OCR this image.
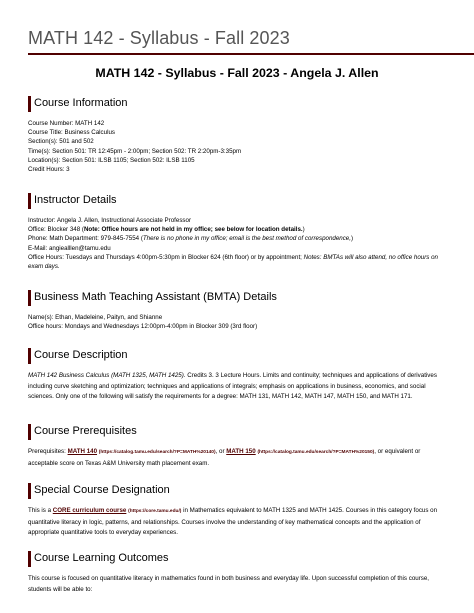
MATH 142 - Syllabus - Fall 2023
MATH 142 - Syllabus - Fall 2023 - Angela J. Allen
Course Information

Course Number: MATH 142

Course Title: Business Calculus

Section(s): 501 and 502

Time(s): Section 501: TR 12:45pm - 2:00pm; Section 502: TR 2:20pm-3:35pm

Location(s): Section 501: ILSB 1105; Section 502: ILSB 1105

Credit Hours: 3

Instructor Details

Instructor: Angela J. Allen, Instructional Associate Professor

Office: Blocker 348 (Note: Office hours are not held in my office; see below for location details.)

Phone: Math Department: 979-845-7554 (There is no phone in my office; email is the best method of correspondence,)

E-Mail: angiealllen@tamu.edu

Office Hours: Tuesdays and Thursdays 4:00pm-5:30pm in Blocker 624 (6th floor) or by appointment; Notes: BMTAs will also attend, no office hours on exam days.

Business Math Teaching Assistant (BMTA) Details

Name(s): Ethan, Madeleine, Paityn, and Shianne

Office hours: Mondays and Wednesdays 12:00pm-4:00pm in Blocker 309 (3rd floor)

Course Description

MATH 142 Business Calculus (MATH 1325, MATH 1425). Credits 3. 3 Lecture Hours. Limits and continuity; techniques and applications of derivatives including curve sketching and optimization; techniques and applications of integrals; emphasis on applications in business, economics, and social sciences. Only one of the following will satisfy the requirements for a degree: MATH 131, MATH 142, MATH 147, MATH 150, and MATH 171.

Course Prerequisites

Prerequisites: MATH 140 (https://catalog.tamu.edu/search/?P=MATH%20140), or MATH 150 (https://catalog.tamu.edu/search/?P=MATH%20150), or equivalent or acceptable score on Texas A&M University math placement exam.

Special Course Designation

This is a CORE curriculum course (https://core.tamu.edu/) in Mathematics equivalent to MATH 1325 and MATH 1425. Courses in this category focus on quantitative literacy in logic, patterns, and relationships. Courses involve the understanding of key mathematical concepts and the application of appropriate quantitative tools to everyday experiences.

Course Learning Outcomes

This course is focused on quantitative literacy in mathematics found in both business and everyday life. Upon successful completion of this course, students will be able to:
